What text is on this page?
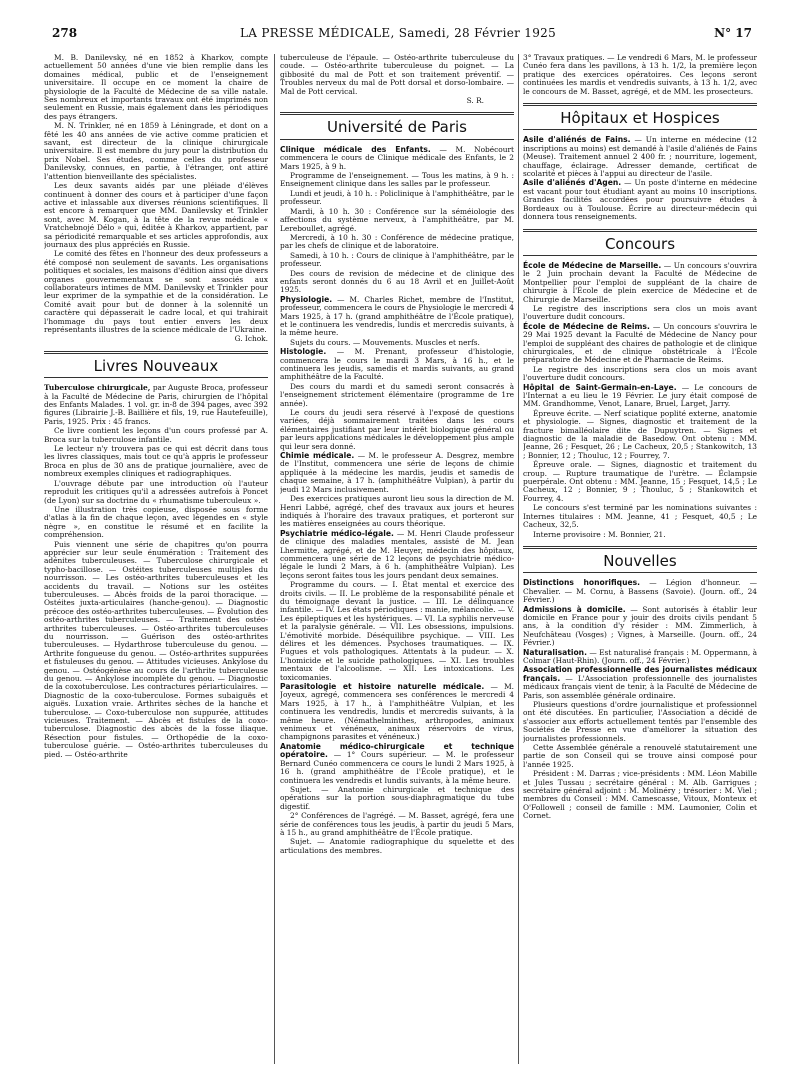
278	LA PRESSE MÉDICALE, Samedi, 28 Février 1925	N° 17

M. B. Danilevsky, né en 1852 à Kharkov, compte actuellement 50 années d'une vie bien remplie dans les domaines médical, public et de l'enseignement universitaire. Il occupe en ce moment la chaire de physiologie de la Faculté de Médecine de sa ville natale. Ses nombreux et importants travaux ont été imprimés non seulement en Russie, mais également dans les périodiques des pays étrangers.

M. N. Trinkler, né en 1859 à Léningrade, et dont on a fêté les 40 ans années de vie active comme praticien et savant, est directeur de la clinique chirurgicale universitaire. Il est membre du jury pour la distribution du prix Nobel. Ses études, comme celles du professeur Danilevsky, connues, en partie, à l'étranger, ont attiré l'attention bienveillante des spécialistes.

Les deux savants aidés par une pléiade d'élèves continuent à donner des cours et à participer d'une façon active et inlassable aux diverses réunions scientifiques. Il est encore à remarquer que MM. Danilevsky et Trinkler sont, avec M. Kogan, à la tête de la revue médicale « Vratchebnojé Délo » qui, éditée à Kharkov, appartient, par sa périodicité remarquable et ses articles approfondis, aux journaux des plus appréciés en Russie.

Le comité des fêtes en l'honneur des deux professeurs a été composé non seulement de savants. Les organisations politiques et sociales, les maisons d'édition ainsi que divers organes gouvernementaux se sont associés aux collaborateurs intimes de MM. Danilevsky et Trinkler pour leur exprimer de la sympathie et de la considération. Le Comité avait pour but de donner à la solennité un caractère qui dépasserait le cadre local, et qui trahirait l'hommage du pays tout entier envers les deux représentants illustres de la science médicale de l'Ukraine.

G. Ichok.

Livres Nouveaux

Tuberculose chirurgicale, par Auguste Broca, professeur à la Faculté de Médecine de Paris, chirurgien de l'hôpital des Enfants Malades. 1 vol. gr. in-8 de 394 pages, avec 392 figures (Librairie J.-B. Baillière et fils, 19, rue Hautefeuille), Paris, 1925. Prix : 45 francs.

Ce livre contient les leçons d'un cours professé par A. Broca sur la tuberculose infantile.

Le lecteur n'y trouvera pas ce qui est décrit dans tous les livres classiques, mais tout ce qu'à appris le professeur Broca en plus de 30 ans de pratique journalière, avec de nombreux exemples cliniques et radiographiques.

L'ouvrage débute par une introduction où l'auteur reproduit les critiques qu'il a adressées autrefois à Poncet (de Lyon) sur sa doctrine du « rhumatisme tuberculeux ».

Une illustration très copieuse, disposée sous forme d'atlas à la fin de chaque leçon, avec légendes en « style nègre », en constitue le résumé et en facilite la compréhension.

Puis viennent une série de chapitres qu'on pourra apprécier sur leur seule énumération : Traitement des adénites tuberculeuses. — Tuberculose chirurgicale et typho-bacillose. — Ostéites tuberculeuses multiples du nourrisson. — Les ostéo-arthrites tuberculeuses et les accidents du travail. — Notions sur les ostéites tuberculeuses. — Abcès froids de la paroi thoracique. — Ostéites juxta-articulaires (hanche-genou). — Diagnostic précoce des ostéo-arthrites tuberculeuses. — Évolution des ostéo-arthrites tuberculeuses. — Traitement des ostéo-arthrites tuberculeuses. — Ostéo-arthrites tuberculeuses du nourrisson. — Guérison des ostéo-arthrites tuberculeuses. — Hydarthrose tuberculeuse du genou. — Arthrite fongueuse du genou. — Ostéo-arthrites suppurées et fistuleuses du genou. — Attitudes vicieuses. Ankylose du genou. — Ostéogénèse au cours de l'arthrite tuberculeuse du genou. — Ankylose incomplète du genou. — Diagnostic de la coxotuberculose. Les contractures périarticulaires. — Diagnostic de la coxo-tuberculose. Formes subaiguës et aiguës. Luxation vraie. Arthrites sèches de la hanche et tuberculose. — Coxo-tuberculose non suppurée, attitudes vicieuses. Traitement. — Abcès et fistules de la coxo-tuberculose. Diagnostic des abcès de la fosse iliaque. Résection pour fistules. — Orthopédie de la coxo-tuberculose guérie. — Ostéo-arthrites tuberculeuses du pied. — Ostéo-arthrite

tuberculeuse de l'épaule. — Ostéo-arthrite tuberculeuse du coude. — Ostéo-arthrite tuberculeuse du poignet. — La gibbosité du mal de Pott et son traitement préventif. — Troubles nerveux du mal de Pott dorsal et dorso-lombaire. — Mal de Pott cervical.

S. R.

Université de Paris

Clinique médicale des Enfants. — M. Nobécourt commencera le cours de Clinique médicale des Enfants, le 2 Mars 1925, à 9 h.

Programme de l'enseignement. — Tous les matins, à 9 h. : Enseignement clinique dans les salles par le professeur.

Lundi et jeudi, à 10 h. : Policlinique à l'amphithéâtre, par le professeur.

Mardi, à 10 h. 30 : Conférence sur la séméiologie des affections du système nerveux, à l'amphithéâtre, par M. Lereboullet, agrégé.

Mercredi, à 10 h. 30 : Conférence de médecine pratique, par les chefs de clinique et de laboratoire.

Samedi, à 10 h. : Cours de clinique à l'amphithéâtre, par le professeur.

Des cours de revision de médecine et de clinique des enfants seront donnés du 6 au 18 Avril et en Juillet-Août 1925.

Physiologie. — M. Charles Richet, membre de l'Institut, professeur, commencera le cours de Physiologie le mercredi 4 Mars 1925, à 17 h. (grand amphithéâtre de l'École pratique), et le continuera les vendredis, lundis et mercredis suivants, à la même heure.

Sujets du cours. — Mouvements. Muscles et nerfs.

Histologie. — M. Prenant, professeur d'histologie, commencera le cours le mardi 3 Mars, à 16 h., et le continuera les jeudis, samedis et mardis suivants, au grand amphithéâtre de la Faculté.

Des cours du mardi et du samedi seront consacrés à l'enseignement strictement élémentaire (programme de 1re année).

Le cours du jeudi sera réservé à l'exposé de questions variées, déjà sommairement traitées dans les cours élémentaires justifiant par leur intérêt biologique général ou par leurs applications médicales le développement plus ample qui leur sera donné.

Chimie médicale. — M. le professeur A. Desgrez, membre de l'Institut, commencera une série de leçons de chimie appliquée à la médecine les mardis, jeudis et samedis de chaque semaine, à 17 h. (amphithéâtre Vulpian), à partir du jeudi 12 Mars inclusivement.

Des exercices pratiques auront lieu sous la direction de M. Henri Labbé, agrégé, chef des travaux aux jours et heures indiqués à l'horaire des travaux pratiques, et porteront sur les matières enseignées au cours théorique.

Psychiatrie médico-légale. — M. Henri Claude professeur de clinique des maladies mentales, assisté de M. Jean Lhermitte, agrégé, et de M. Heuyer, médecin des hôpitaux, commencera une série de 12 leçons de psychiatrie médico-légale le lundi 2 Mars, à 6 h. (amphithéâtre Vulpian). Les leçons seront faites tous les jours pendant deux semaines.

Programme du cours. — I. État mental et exercice des droits civils. — II. Le problème de la responsabilité pénale et du témoignage devant la justice. — III. Le délinquance infantile. — IV. Les états périodiques : manie, mélancolie. — V. Les épileptiques et les hystériques. — VI. La syphilis nerveuse et la paralysie générale. — VII. Les obsessions, impulsions. L'émotivité morbide. Déséquilibre psychique. — VIII. Les délires et les démences. Psychoses traumatiques. — IX. Fugues et vols pathologiques. Attentats à la pudeur. — X. L'homicide et le suicide pathologiques. — XI. Les troubles mentaux de l'alcoolisme. — XII. Les intoxications. Les toxicomanies.

Parasitologie et histoire naturelle médicale. — M. Joyeux, agrégé, commencera ses conférences le mercredi 4 Mars 1925, à 17 h., à l'amphithéâtre Vulpian, et les continuera les vendredis, lundis et mercredis suivants, à la même heure. (Némathelminthes, arthropodes, animaux venimeux et vénéneux, animaux réservoirs de virus, champignons parasites et vénéneux.)

Anatomie médico-chirurgicale et technique opératoire. — 1° Cours supérieur. — M. le professeur Bernard Cunéo commencera ce cours le lundi 2 Mars 1925, à 16 h. (grand amphithéâtre de l'École pratique), et le continuera les vendredis et lundis suivants, à la même heure.

Sujet. — Anatomie chirurgicale et technique des opérations sur la portion sous-diaphragmatique du tube digestif.

2° Conférences de l'agrégé. — M. Basset, agrégé, fera une série de conférences tous les jeudis, à partir du jeudi 5 Mars, à 15 h., au grand amphithéâtre de l'École pratique.

Sujet. — Anatomie radiographique du squelette et des articulations des membres.

3° Travaux pratiques. — Le vendredi 6 Mars, M. le professeur Cunéo fera dans les pavillons, à 13 h. 1/2, la première leçon pratique des exercices opératoires. Ces leçons seront continuées les mardis et vendredis suivants, à 13 h. 1/2, avec le concours de M. Basset, agrégé, et de MM. les prosecteurs.

Hôpitaux et Hospices

Asile d'aliénés de Fains. — Un interne en médecine (12 inscriptions au moins) est demandé à l'asile d'aliénés de Fains (Meuse). Traitement annuel 2 400 fr. ; nourriture, logement, chauffage, éclairage. Adresser demande, certificat de scolarité et pièces à l'appui au directeur de l'asile.

Asile d'aliénés d'Agen. — Un poste d'interne en médecine est vacant pour tout étudiant ayant au moins 10 inscriptions. Grandes facilités accordées pour poursuivre études à Bordeaux ou à Toulouse. Écrire au directeur-médecin qui donnera tous renseignements.

Concours

École de Médecine de Marseille. — Un concours s'ouvrira le 2 Juin prochain devant la Faculté de Médecine de Montpellier pour l'emploi de suppléant de la chaire de chirurgie à l'École de plein exercice de Médecine et de Chirurgie de Marseille.

Le registre des inscriptions sera clos un mois avant l'ouverture dudit concours.

École de Médecine de Reims. — Un concours s'ouvrira le 29 Mai 1925 devant la Faculté de Médecine de Nancy pour l'emploi de suppléant des chaires de pathologie et de clinique chirurgicales, et de clinique obstétricale à l'École préparatoire de Médecine et de Pharmacie de Reims.

Le registre des inscriptions sera clos un mois avant l'ouverture dudit concours.

Hôpital de Saint-Germain-en-Laye. — Le concours de l'Internat a eu lieu le 19 Février. Le jury était composé de MM. Grandhomme, Venot, Lanare, Bruel, Larget, Jarry.

Épreuve écrite. — Nerf sciatique poplité externe, anatomie et physiologie. — Signes, diagnostic et traitement de la fracture bimalléolaire dite de Dupuytren. — Signes et diagnostic de la maladie de Basedow. Ont obtenu : MM. Jeanne, 26 ; Fesquet, 26 ; Le Cacheux, 20,5 ; Stankowitch, 13 ; Bonnier, 12 ; Thouluc, 12 ; Fourrey, 7.

Épreuve orale. — Signes, diagnostic et traitement du croup. — Rupture traumatique de l'urètre. — Éclampsie puerpérale. Ont obtenu : MM. Jeanne, 15 ; Fesquet, 14,5 ; Le Cacheux, 12 ; Bonnier, 9 ; Thouluc, 5 ; Stankowitch et Fourrey, 4.

Le concours s'est terminé par les nominations suivantes : Internes titulaires : MM. Jeanne, 41 ; Fesquet, 40,5 ; Le Cacheux, 32,5.

Interne provisoire : M. Bonnier, 21.

Nouvelles

Distinctions honorifiques. — Légion d'honneur. — Chevalier. — M. Cornu, à Bassens (Savoie). (Journ. off., 24 Février.)

Admissions à domicile. — Sont autorisés à établir leur domicile en France pour y jouir des droits civils pendant 5 ans, à la condition d'y résider : MM. Zimmerlich, à Neufchâteau (Vosges) ; Vignes, à Marseille. (Journ. off., 24 Février.)

Naturalisation. — Est naturalisé français : M. Oppermann, à Colmar (Haut-Rhin). (Journ. off., 24 Février.)

Association professionnelle des journalistes médicaux français. — L'Association professionnelle des journalistes médicaux français vient de tenir, à la Faculté de Médecine de Paris, son assemblée générale ordinaire.

Plusieurs questions d'ordre journalistique et professionnel ont été discutées. En particulier, l'Association a décidé de s'associer aux efforts actuellement tentés par l'ensemble des Sociétés de Presse en vue d'améliorer la situation des journalistes professionnels.

Cette Assemblée générale a renouvelé statutairement une partie de son Conseil qui se trouve ainsi composé pour l'année 1925.

Président : M. Darras ; vice-présidents : MM. Léon Mabille et Jules Tussau ; secrétaire général : M. Alb. Garrigues ; secrétaire général adjoint : M. Molinéry ; trésorier : M. Viel ; membres du Conseil : MM. Camescasse, Vitoux, Monteux et O'Followell ; conseil de famille : MM. Laumonier, Colin et Cornet.
